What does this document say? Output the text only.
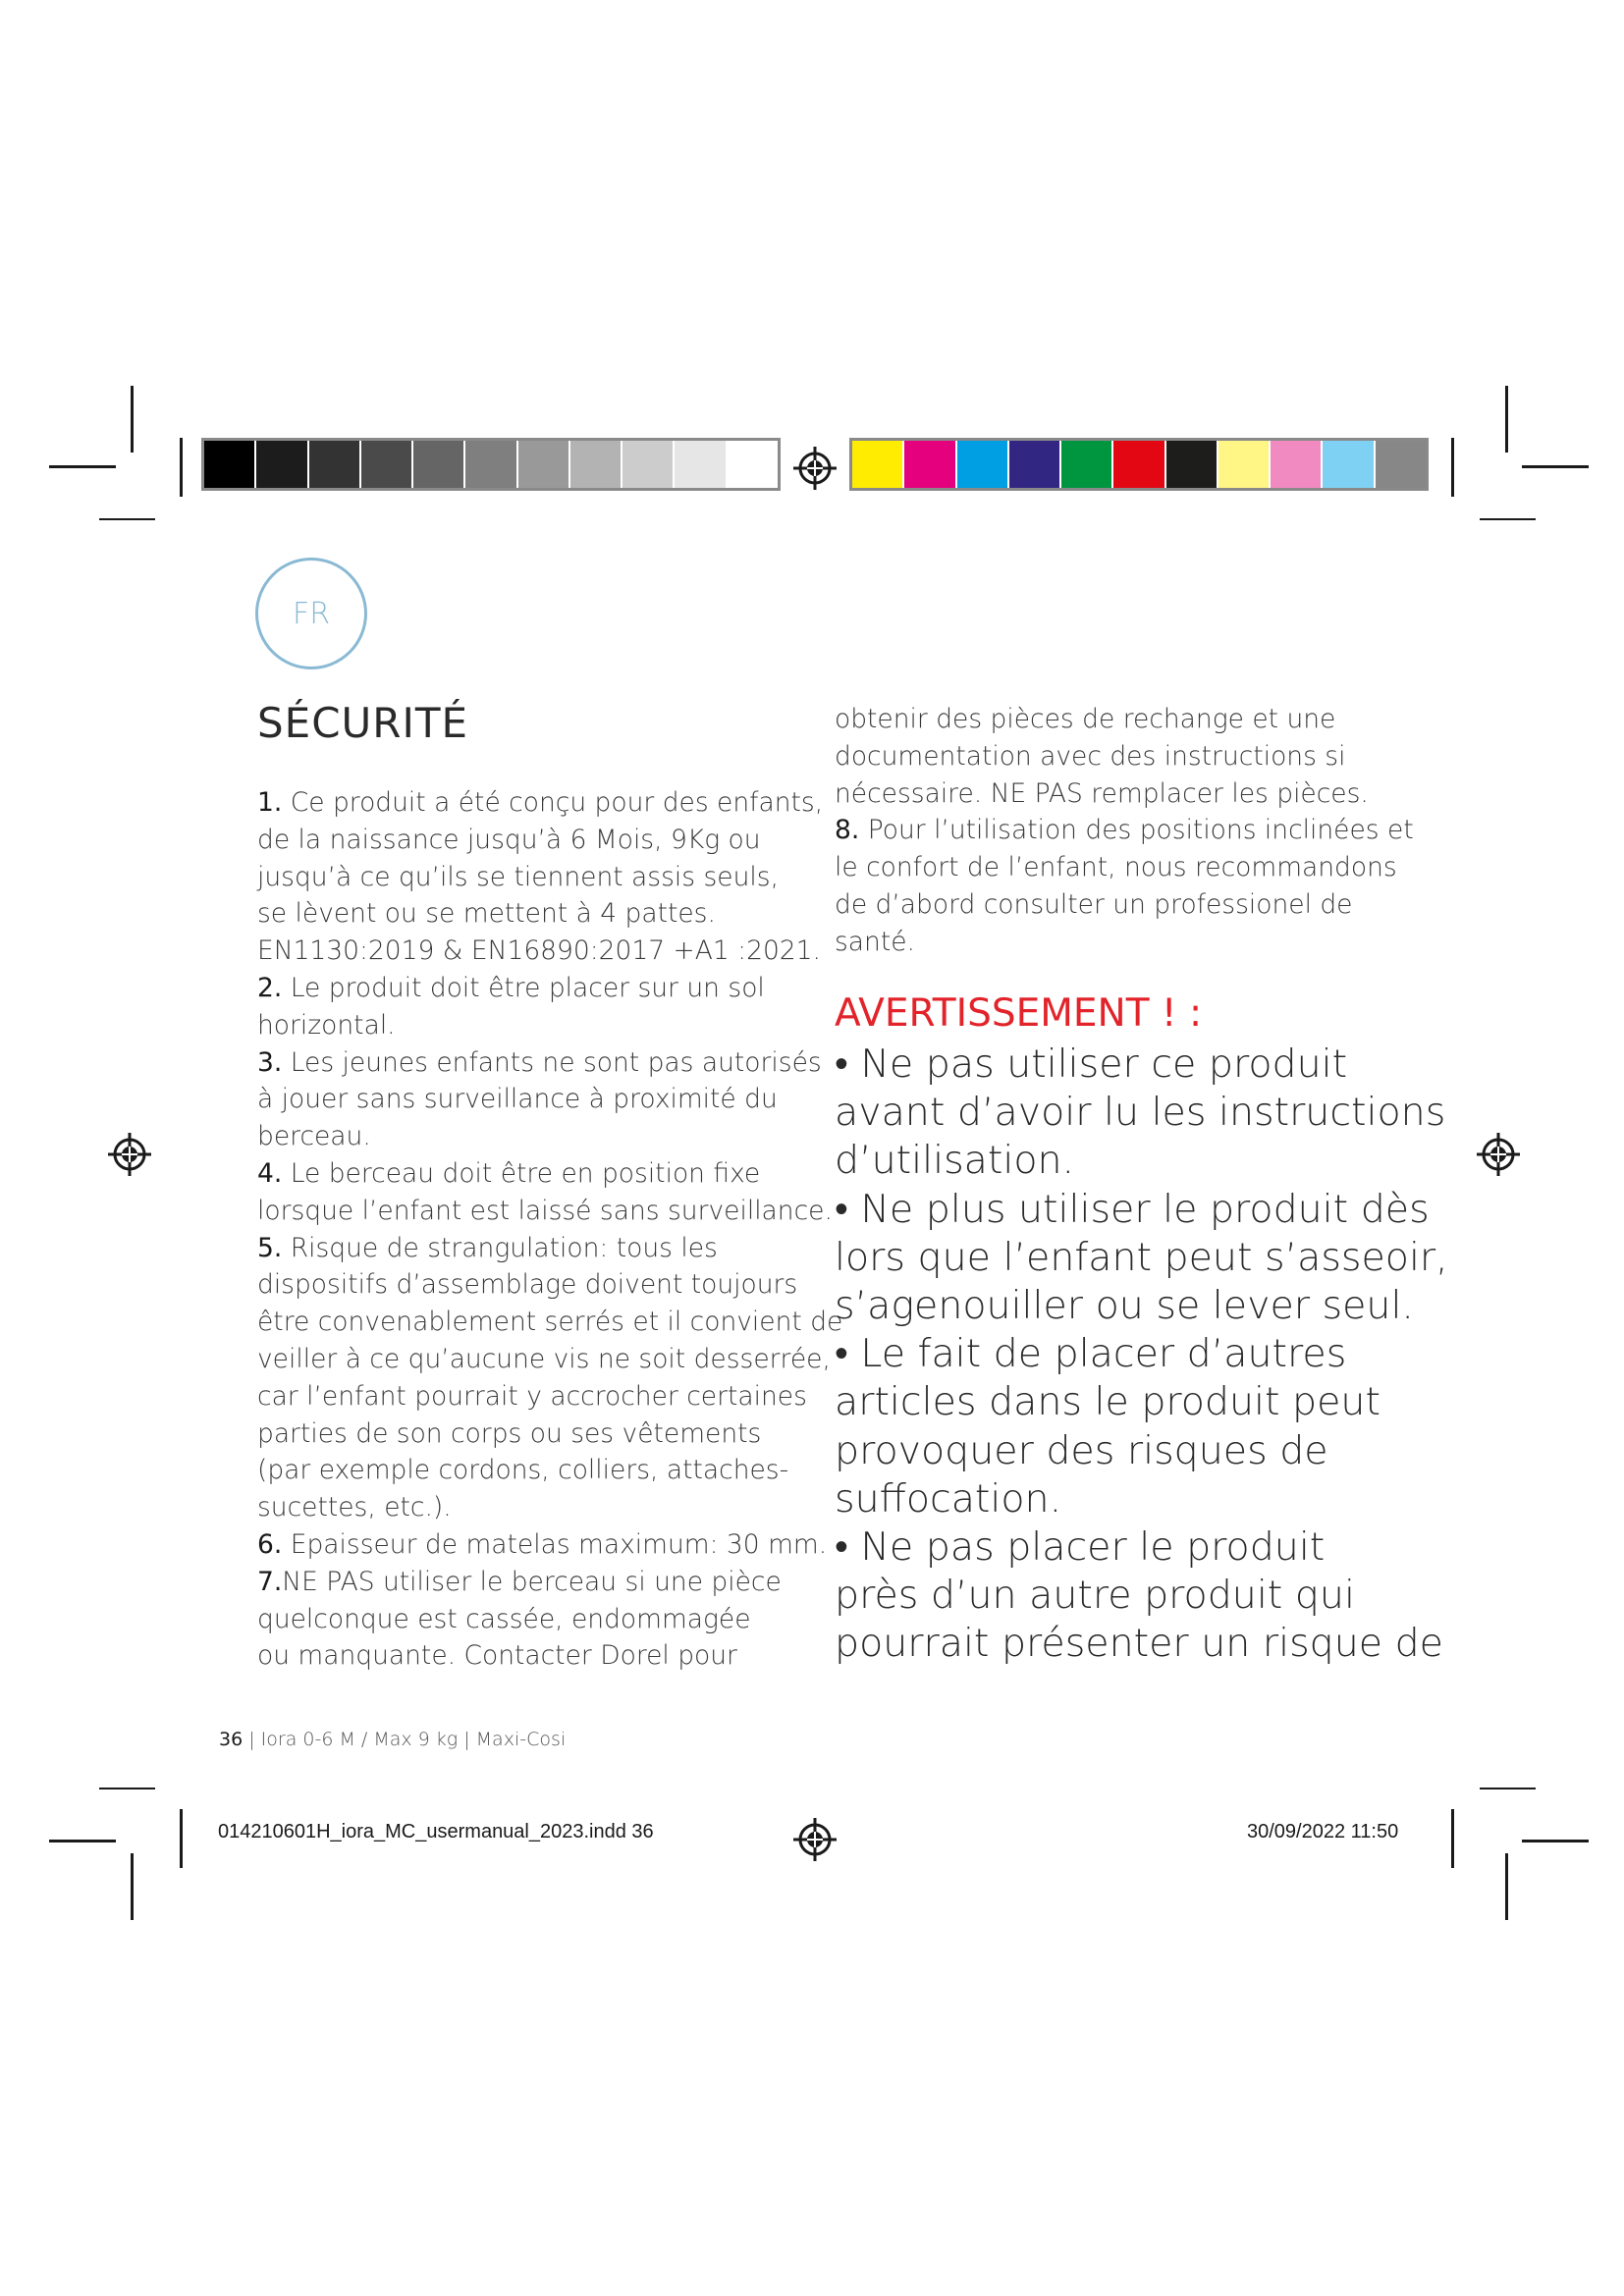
FR
SÉCURITÉ

1. Ce produit a été conçu pour des enfants,

de la naissance jusqu’à 6 Mois, 9Kg ou

jusqu’à ce qu’ils se tiennent assis seuls,

se lèvent ou se mettent à 4 pattes.

EN1130:2019 & EN16890:2017 +A1 :2021.

2. Le produit doit être placer sur un sol

horizontal.

3. Les jeunes enfants ne sont pas autorisés

à jouer sans surveillance à proximité du

berceau.

4. Le berceau doit être en position fixe

lorsque l’enfant est laissé sans surveillance.

5. Risque de strangulation: tous les

dispositifs d’assemblage doivent toujours

être convenablement serrés et il convient de

veiller à ce qu’aucune vis ne soit desserrée,

car l’enfant pourrait y accrocher certaines

parties de son corps ou ses vêtements

(par exemple cordons, colliers, attaches-

sucettes, etc.).

6. Epaisseur de matelas maximum: 30 mm.

7.NE PAS utiliser le berceau si une pièce

quelconque est cassée, endommagée

ou manquante. Contacter Dorel pour

obtenir des pièces de rechange et une

documentation avec des instructions si

nécessaire. NE PAS remplacer les pièces.

8. Pour l’utilisation des positions inclinées et

le confort de l’enfant, nous recommandons

de d’abord consulter un professionel de

santé.

AVERTISSEMENT ! :

• Ne pas utiliser ce produit

avant d’avoir lu les instructions

d’utilisation.

• Ne plus utiliser le produit dès

lors que l’enfant peut s’asseoir,

s’agenouiller ou se lever seul.

• Le fait de placer d’autres

articles dans le produit peut

provoquer des risques de

suffocation.

• Ne pas placer le produit

près d’un autre produit qui

pourrait présenter un risque de

36 | Iora 0-6 M / Max 9 kg | Maxi-Cosi
014210601H_iora_MC_usermanual_2023.indd 36	30/09/2022 11:50
